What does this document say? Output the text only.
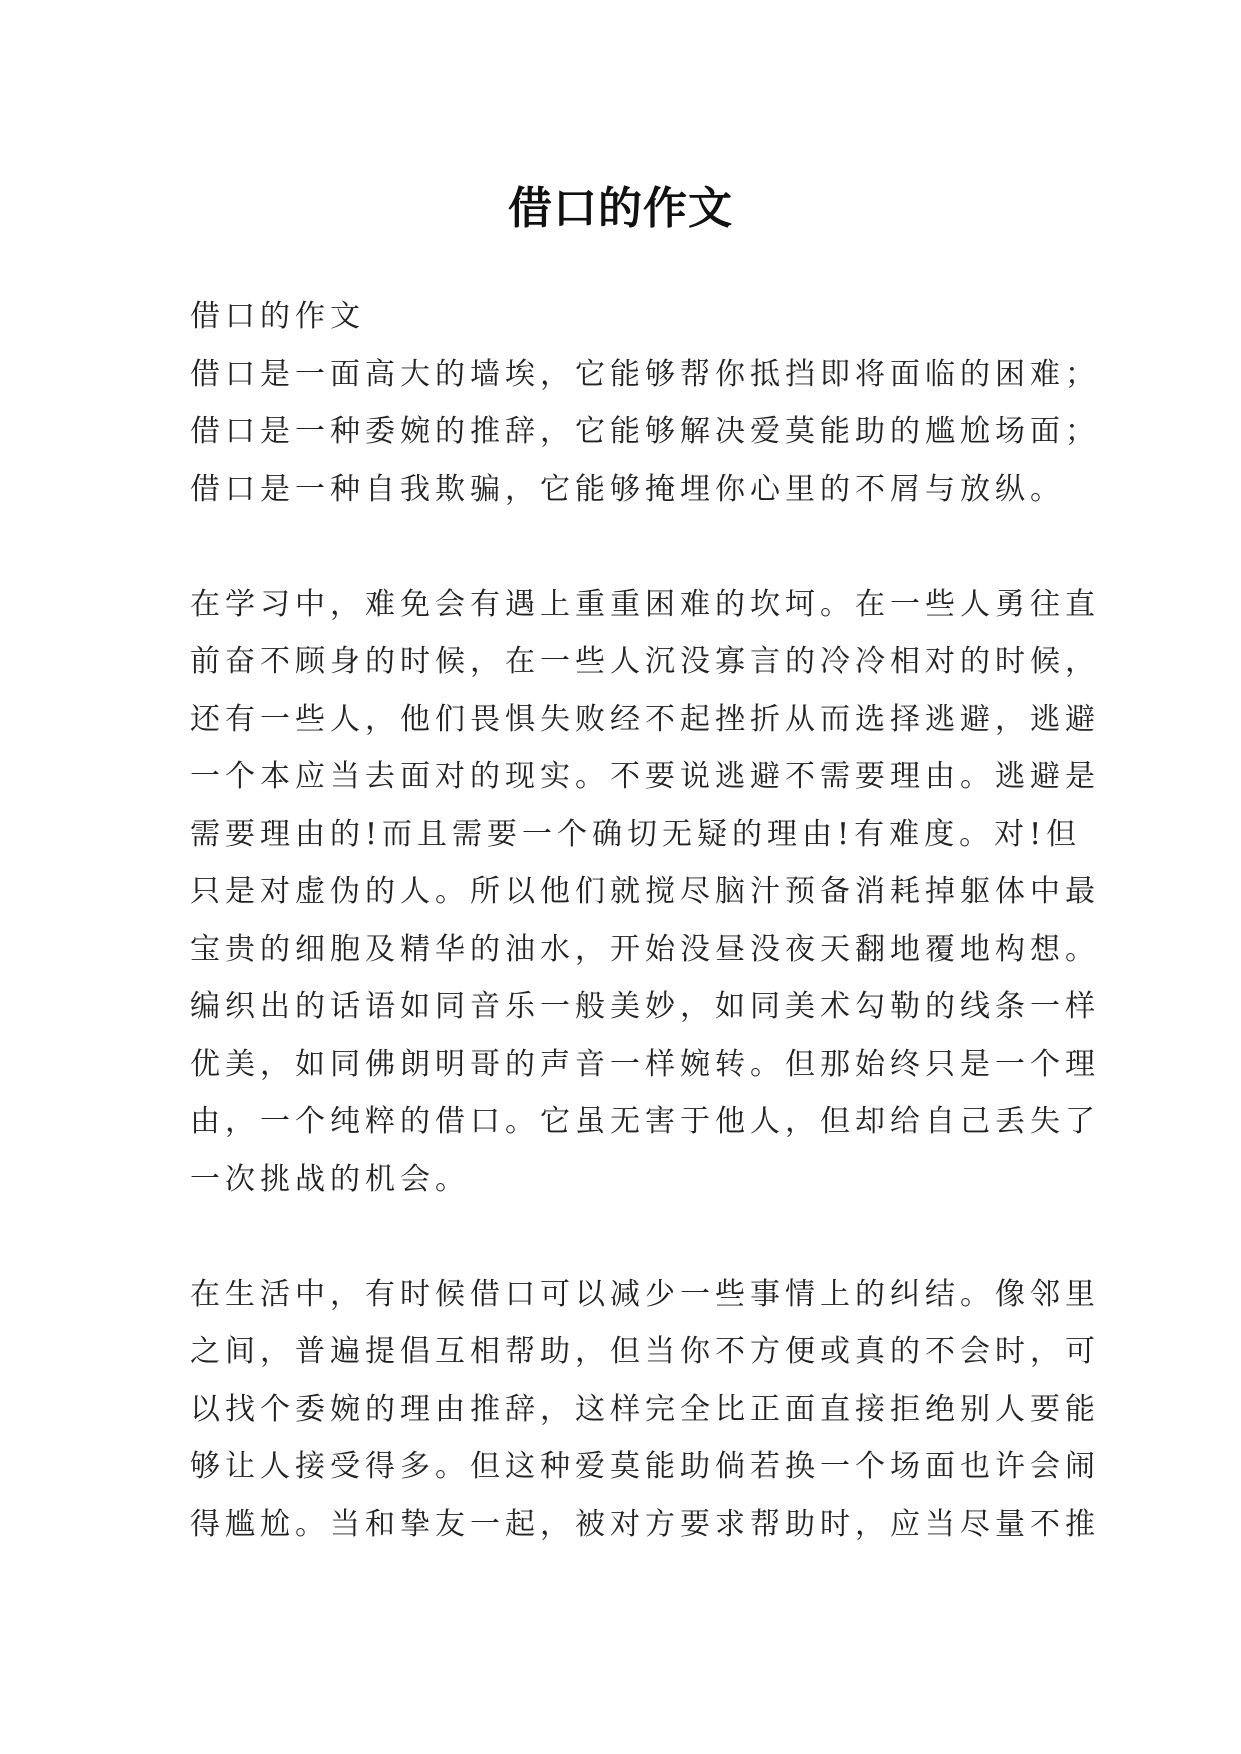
借口的作文
借口的作文
借口是一面高大的墙埃，它能够帮你抵挡即将面临的困难；
借口是一种委婉的推辞，它能够解决爱莫能助的尴尬场面；
借口是一种自我欺骗，它能够掩埋你心里的不屑与放纵。
在学习中，难免会有遇上重重困难的坎坷。在一些人勇往直
前奋不顾身的时候，在一些人沉没寡言的冷冷相对的时候，
还有一些人，他们畏惧失败经不起挫折从而选择逃避，逃避
一个本应当去面对的现实。不要说逃避不需要理由。逃避是
需要理由的!而且需要一个确切无疑的理由!有难度。对!但
只是对虚伪的人。所以他们就搅尽脑汁预备消耗掉躯体中最
宝贵的细胞及精华的油水，开始没昼没夜天翻地覆地构想。
编织出的话语如同音乐一般美妙，如同美术勾勒的线条一样
优美，如同佛朗明哥的声音一样婉转。但那始终只是一个理
由，一个纯粹的借口。它虽无害于他人，但却给自己丢失了
一次挑战的机会。
在生活中，有时候借口可以减少一些事情上的纠结。像邻里
之间，普遍提倡互相帮助，但当你不方便或真的不会时，可
以找个委婉的理由推辞，这样完全比正面直接拒绝别人要能
够让人接受得多。但这种爱莫能助倘若换一个场面也许会闹
得尴尬。当和挚友一起，被对方要求帮助时，应当尽量不推
